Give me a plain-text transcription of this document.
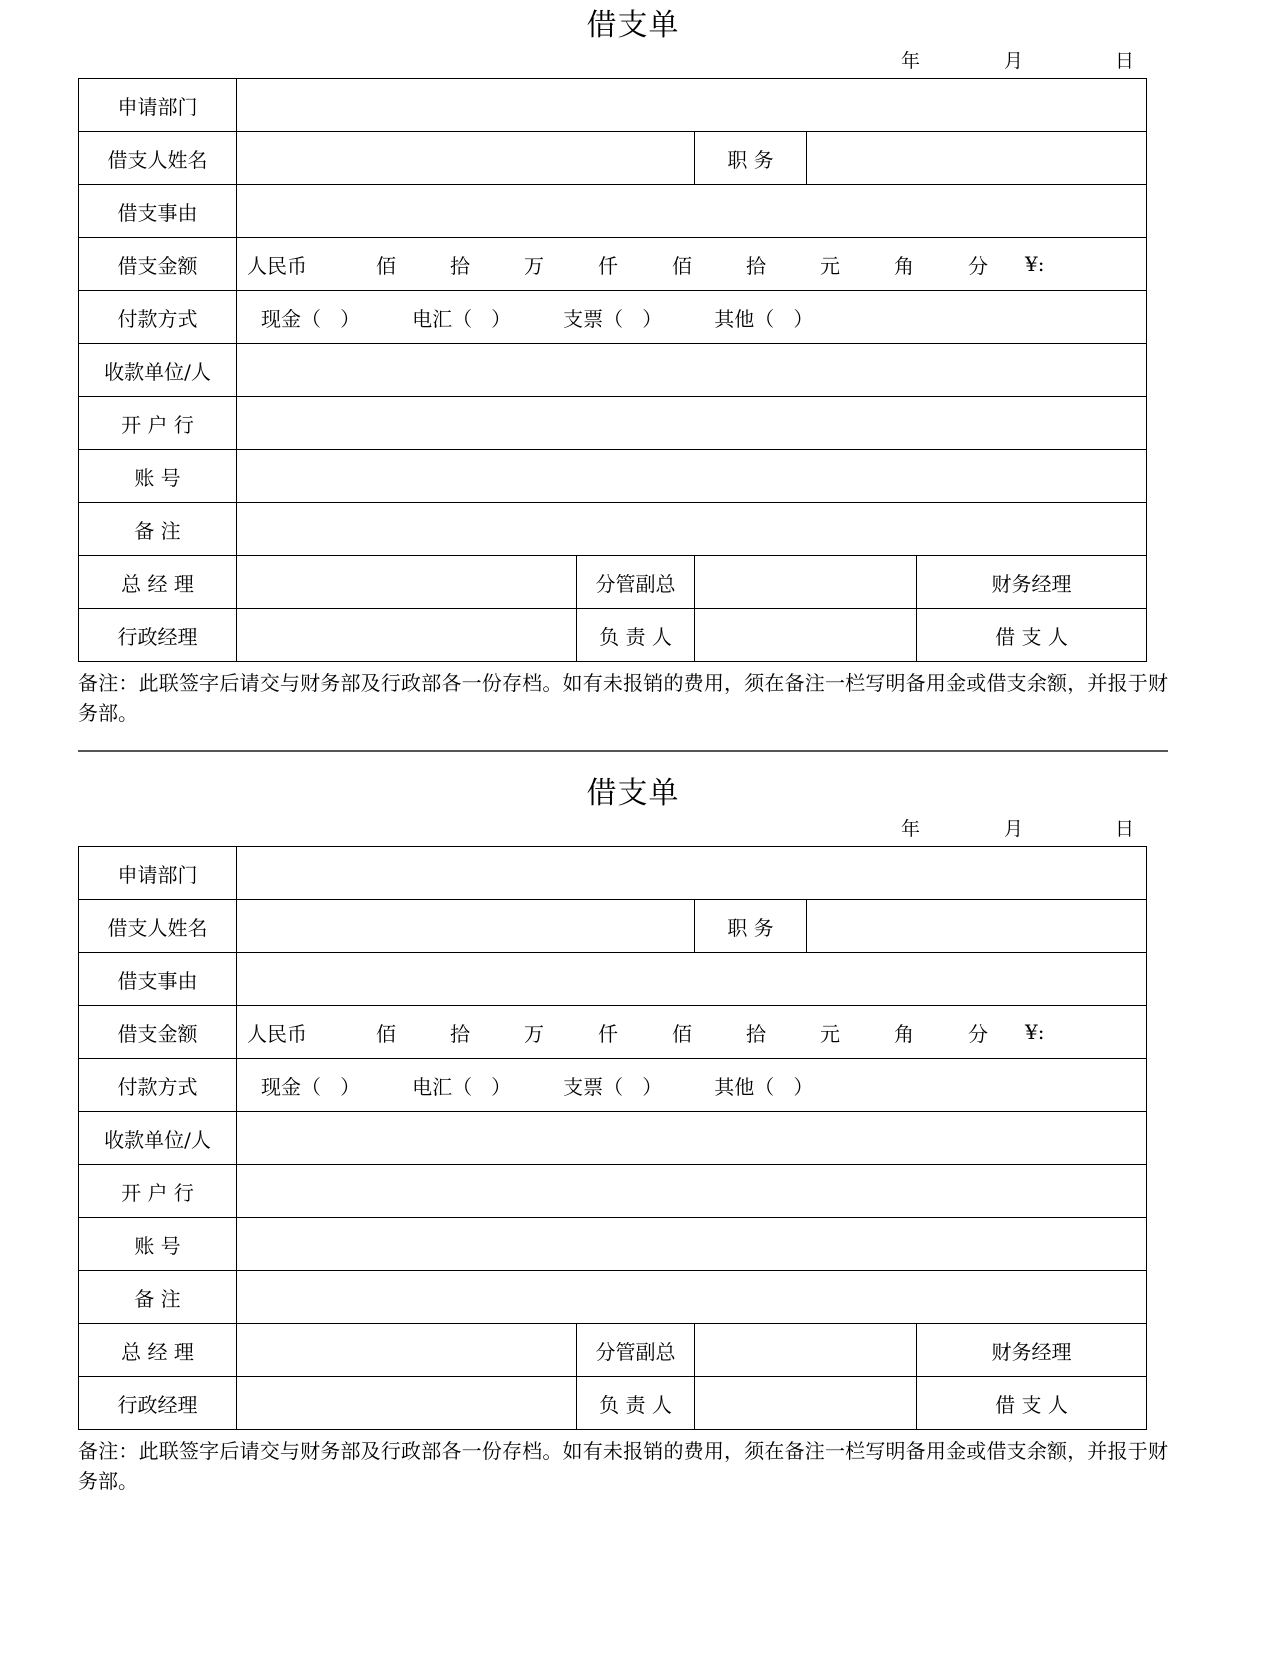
借支单
年	月	日
申请部门					
借支人姓名			职 务		
借支事由					
借支金额	人民币	佰	拾	万	仟	佰	拾	元	角	分	¥:

付款方式	现金（ ） 电汇（ ） 支票（ ） 其他（ ）				

收款单位/人					
开 户 行					
账 号					
备 注					
总 经 理		分管副总			财务经理
行政经理		负 责 人			借 支 人
备注：此联签字后请交与财务部及行政部各一份存档。如有未报销的费用，须在备注一栏写明备用金或借支余额，并报于财务部。
借支单
年	月	日
申请部门					
借支人姓名			职 务		
借支事由					
借支金额	人民币	佰	拾	万	仟	佰	拾	元	角	分	¥:

付款方式	现金（ ） 电汇（ ） 支票（ ） 其他（ ）				

收款单位/人					
开 户 行					
账 号					
备 注					
总 经 理		分管副总			财务经理
行政经理		负 责 人			借 支 人
备注：此联签字后请交与财务部及行政部各一份存档。如有未报销的费用，须在备注一栏写明备用金或借支余额，并报于财务部。
